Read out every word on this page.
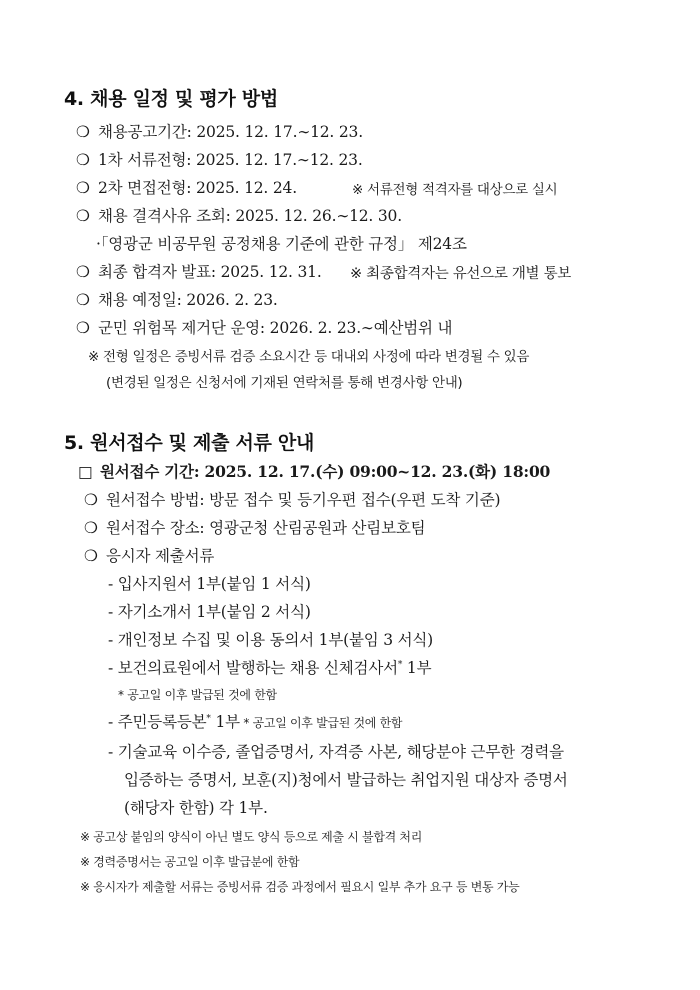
4. 채용 일정 및 평가 방법
❍ 채용공고기간: 2025. 12. 17.∼12. 23.
❍ 1차 서류전형: 2025. 12. 17.∼12. 23.
❍ 2차 면접전형: 2025. 12. 24.	※ 서류전형 적격자를 대상으로 실시
❍ 채용 결격사유 조회: 2025. 12. 26.∼12. 30.
·「영광군 비공무원 공정채용 기준에 관한 규정」 제24조
❍ 최종 합격자 발표: 2025. 12. 31. ※ 최종합격자는 유선으로 개별 통보
❍ 채용 예정일: 2026. 2. 23.
❍ 군민 위험목 제거단 운영: 2026. 2. 23.∼예산범위 내
※ 전형 일정은 증빙서류 검증 소요시간 등 대내외 사정에 따라 변경될 수 있음
(변경된 일정은 신청서에 기재된 연락처를 통해 변경사항 안내)
5. 원서접수 및 제출 서류 안내
□ 원서접수 기간: 2025. 12. 17.(수) 09:00~12. 23.(화) 18:00
❍ 원서접수 방법: 방문 접수 및 등기우편 접수(우편 도착 기준)
❍ 원서접수 장소: 영광군청 산림공원과 산림보호팀
❍ 응시자 제출서류
- 입사지원서 1부(붙임 1 서식)
- 자기소개서 1부(붙임 2 서식)
- 개인정보 수집 및 이용 동의서 1부(붙임 3 서식)
- 보건의료원에서 발행하는 채용 신체검사서* 1부
* 공고일 이후 발급된 것에 한함
- 주민등록등본* 1부 * 공고일 이후 발급된 것에 한함
- 기술교육 이수증, 졸업증명서, 자격증 사본, 해당분야 근무한 경력을
입증하는 증명서, 보훈(지)청에서 발급하는 취업지원 대상자 증명서
(해당자 한함) 각 1부.
※ 공고상 붙임의 양식이 아닌 별도 양식 등으로 제출 시 불합격 처리
※ 경력증명서는 공고일 이후 발급분에 한함
※ 응시자가 제출할 서류는 증빙서류 검증 과정에서 필요시 일부 추가 요구 등 변동 가능
